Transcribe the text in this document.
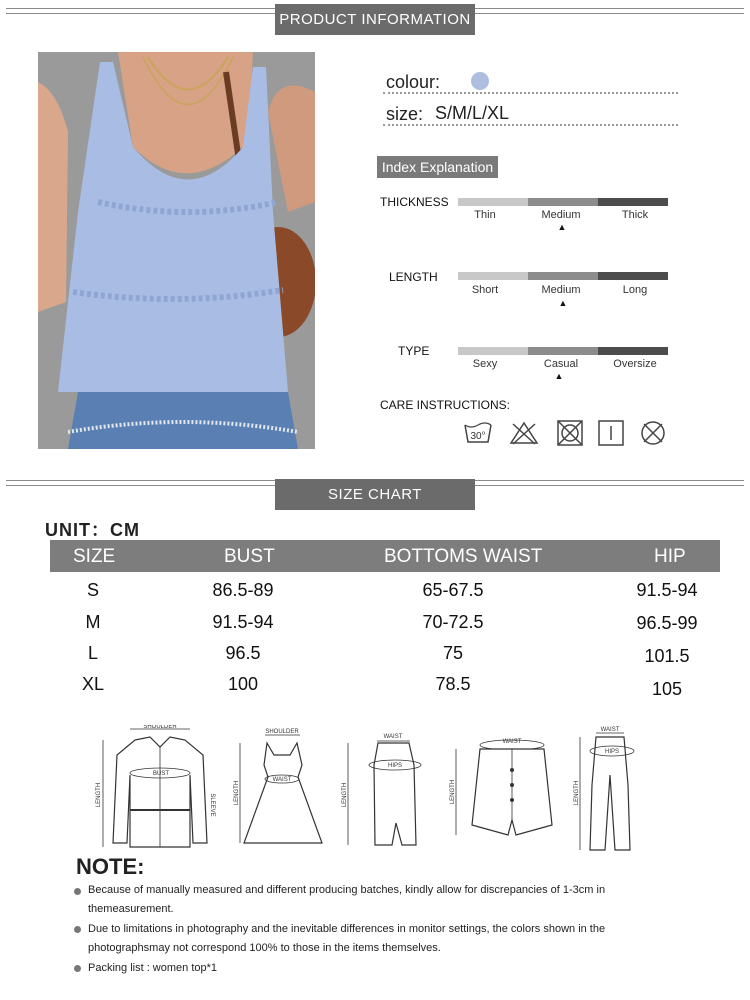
PRODUCT INFORMATION
colour:
size: S/M/L/XL
Index Explanation
THICKNESS
Thin	Medium	Thick
▲
LENGTH
Short	Medium	Long
▲
TYPE
Sexy	Casual	Oversize
▲
CARE INSTRUCTIONS:
30°
SIZE CHART
UNIT：CM
SIZE	BUST	BOTTOMS WAIST	HIP
S	86.5-89	65-67.5	91.5-94
M	91.5-94	70-72.5	96.5-99
L	96.5	75	101.5
XL	100	78.5	105
SHOULDER
BUST
LENGTH	SLEEVE
SHOULDER
WAIST
LENGTH
WAIST
HIPS
LENGTH
WAIST
LENGTH
WAIST
HIPS
LENGTH
NOTE:
Because of manually measured and different producing batches, kindly allow for discrepancies of 1-3cm in themeasurement.
Due to limitations in photography and the inevitable differences in monitor settings, the colors shown in the photographsmay not correspond 100% to those in the items themselves.
Packing list : women top*1
